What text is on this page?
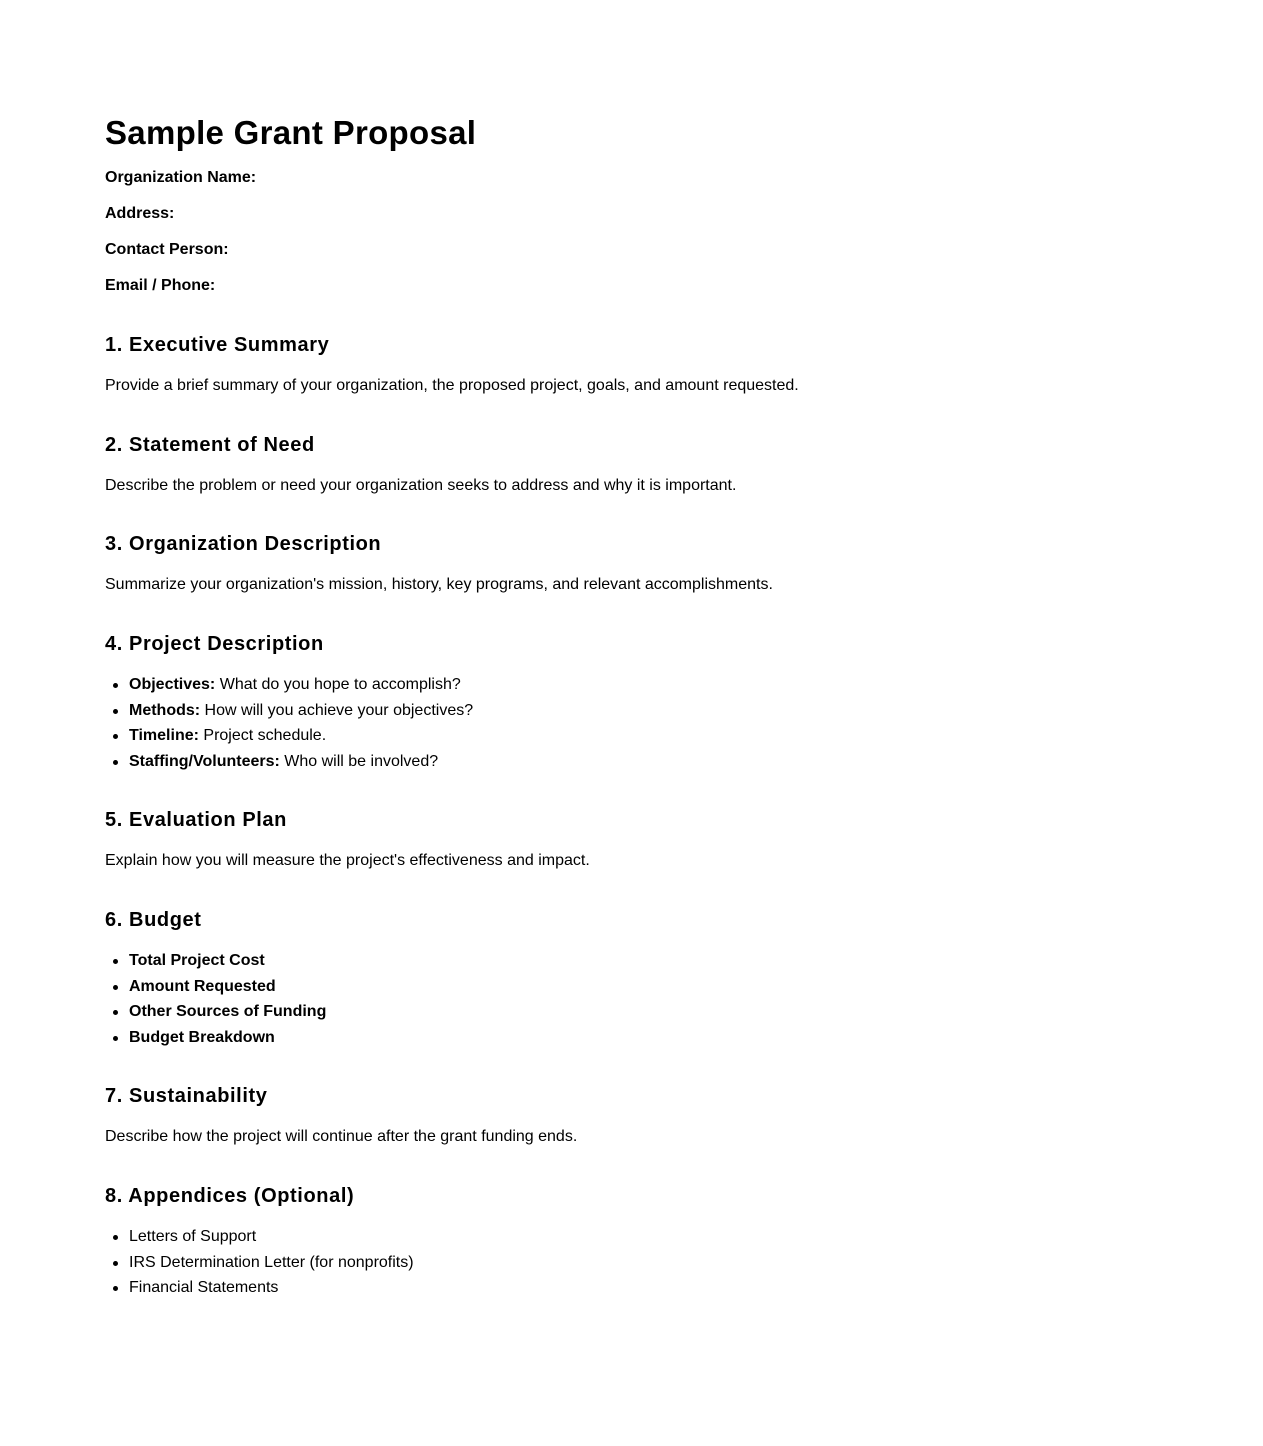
Sample Grant Proposal

Organization Name:

Address:

Contact Person:

Email / Phone:

1. Executive Summary

Provide a brief summary of your organization, the proposed project, goals, and amount requested.

2. Statement of Need

Describe the problem or need your organization seeks to address and why it is important.

3. Organization Description

Summarize your organization's mission, history, key programs, and relevant accomplishments.

4. Project Description
Objectives: What do you hope to accomplish?
Methods: How will you achieve your objectives?
Timeline: Project schedule.
Staffing/Volunteers: Who will be involved?
5. Evaluation Plan

Explain how you will measure the project's effectiveness and impact.

6. Budget
Total Project Cost
Amount Requested
Other Sources of Funding
Budget Breakdown
7. Sustainability

Describe how the project will continue after the grant funding ends.

8. Appendices (Optional)
Letters of Support
IRS Determination Letter (for nonprofits)
Financial Statements
